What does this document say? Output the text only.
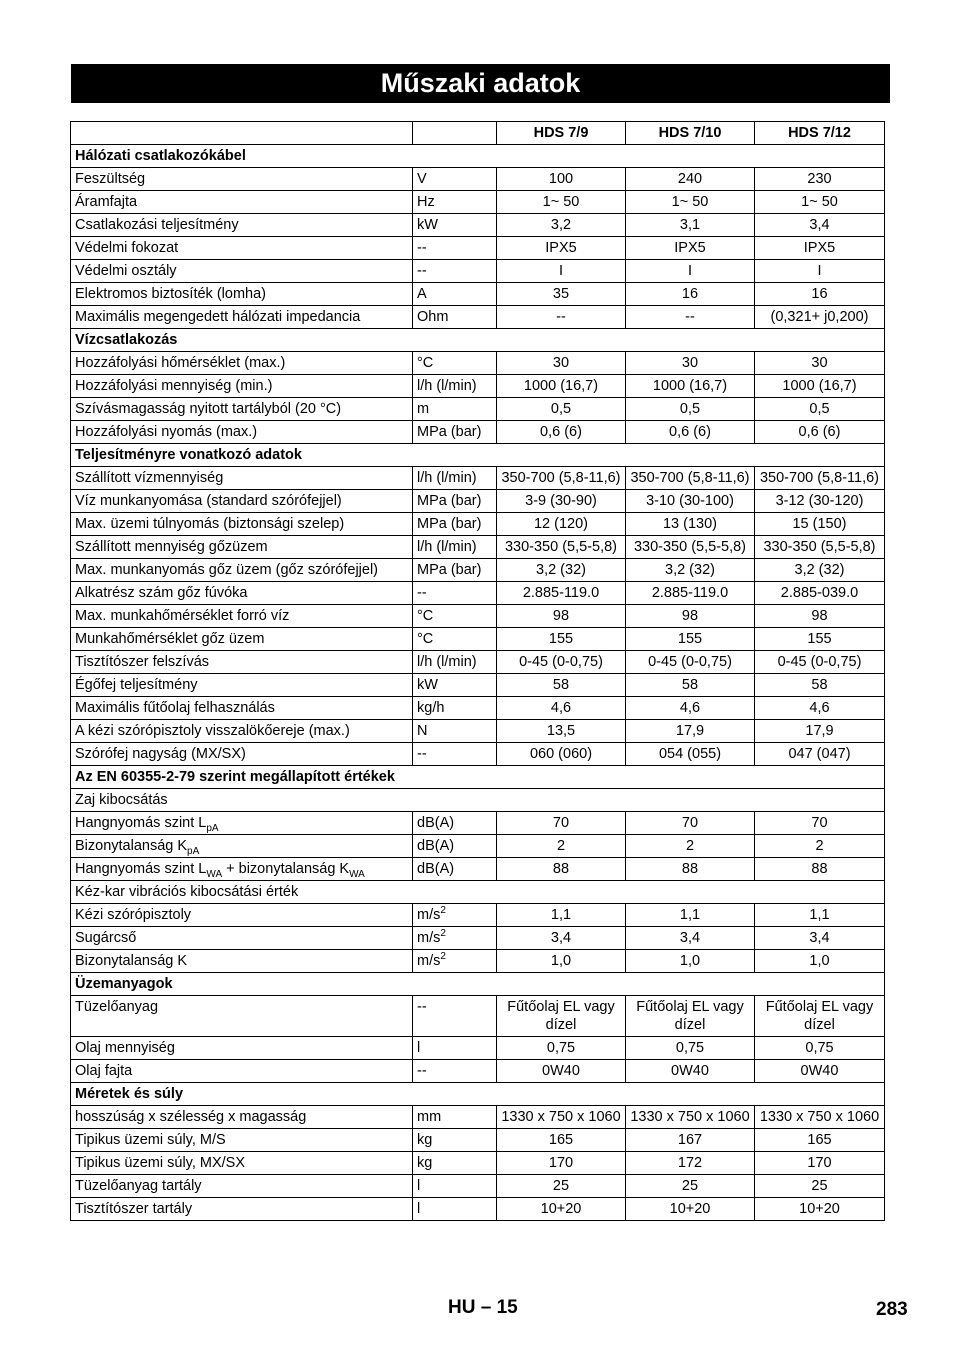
Műszaki adatok
		HDS 7/9	HDS 7/10	HDS 7/12
Hálózati csatlakozókábel				
Feszültség	V	100	240	230
Áramfajta	Hz	1~ 50	1~ 50	1~ 50
Csatlakozási teljesítmény	kW	3,2	3,1	3,4
Védelmi fokozat	--	IPX5	IPX5	IPX5
Védelmi osztály	--	I	I	I
Elektromos biztosíték (lomha)	A	35	16	16
Maximális megengedett hálózati impedancia	Ohm	--	--	(0,321+ j0,200)
Vízcsatlakozás				
Hozzáfolyási hőmérséklet (max.)	°C	30	30	30
Hozzáfolyási mennyiség (min.)	l/h (l/min)	1000 (16,7)	1000 (16,7)	1000 (16,7)
Szívásmagasság nyitott tartályból (20 °C)	m	0,5	0,5	0,5
Hozzáfolyási nyomás (max.)	MPa (bar)	0,6 (6)	0,6 (6)	0,6 (6)
Teljesítményre vonatkozó adatok				
Szállított vízmennyiség	l/h (l/min)	350-700 (5,8-11,6)	350-700 (5,8-11,6)	350-700 (5,8-11,6)
Víz munkanyomása (standard szórófejjel)	MPa (bar)	3-9 (30-90)	3-10 (30-100)	3-12 (30-120)
Max. üzemi túlnyomás (biztonsági szelep)	MPa (bar)	12 (120)	13 (130)	15 (150)
Szállított mennyiség gőzüzem	l/h (l/min)	330-350 (5,5-5,8)	330-350 (5,5-5,8)	330-350 (5,5-5,8)
Max. munkanyomás gőz üzem (gőz szórófejjel)	MPa (bar)	3,2 (32)	3,2 (32)	3,2 (32)
Alkatrész szám gőz fúvóka	--	2.885-119.0	2.885-119.0	2.885-039.0
Max. munkahőmérséklet forró víz	°C	98	98	98
Munkahőmérséklet gőz üzem	°C	155	155	155
Tisztítószer felszívás	l/h (l/min)	0-45 (0-0,75)	0-45 (0-0,75)	0-45 (0-0,75)
Égőfej teljesítmény	kW	58	58	58
Maximális fűtőolaj felhasználás	kg/h	4,6	4,6	4,6
A kézi szórópisztoly visszalökőereje (max.)	N	13,5	17,9	17,9
Szórófej nagyság (MX/SX)	--	060 (060)	054 (055)	047 (047)
Az EN 60355-2-79 szerint megállapított értékek				
Zaj kibocsátás				
Hangnyomás szint $L_{pA}$	dB(A)	70	70	70
Bizonytalanság $K_{pA}$	dB(A)	2	2	2
Hangnyomás szint $L_{WA}$ + bizonytalanság $K_{WA}$	dB(A)	88	88	88
Kéz-kar vibrációs kibocsátási érték				
Kézi szórópisztoly	$m/s^2$	1,1	1,1	1,1
Sugárcső	$m/s^2$	3,4	3,4	3,4
Bizonytalanság K	$m/s^2$	1,0	1,0	1,0
Üzemanyagok				
Tüzelőanyag	--	Fűtőolaj EL vagy dízel	Fűtőolaj EL vagy dízel	Fűtőolaj EL vagy dízel
Olaj mennyiség	l	0,75	0,75	0,75
Olaj fajta	--	0W40	0W40	0W40
Méretek és súly				
hosszúság x szélesség x magasság	mm	1330 x 750 x 1060	1330 x 750 x 1060	1330 x 750 x 1060
Tipikus üzemi súly, M/S	kg	165	167	165
Tipikus üzemi súly, MX/SX	kg	170	172	170
Tüzelőanyag tartály	l	25	25	25
Tisztítószer tartály	l	10+20	10+20	10+20
HU – 15	283
